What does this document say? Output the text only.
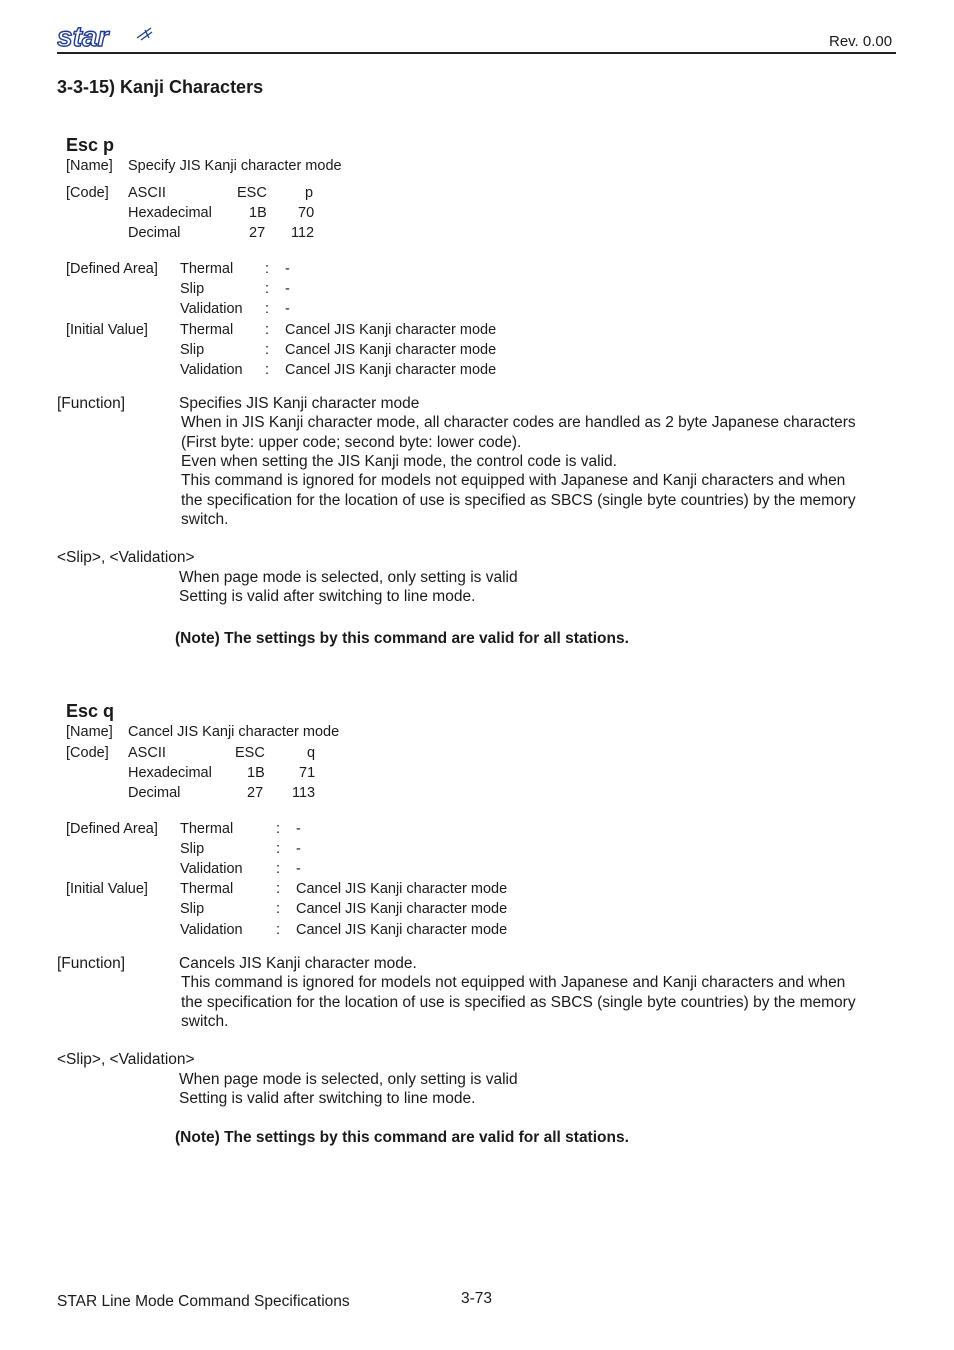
star	Rev. 0.00
3-3-15) Kanji Characters
Esc p
[Name] Specify JIS Kanji character mode
[Code] ASCII	ESC	p
Hexadecimal	1B 70
Decimal	27 112
[Defined Area] Thermal : -
Slip	: -
Validation : -
[Initial Value] Thermal : Cancel JIS Kanji character mode
Slip	: Cancel JIS Kanji character mode
Validation : Cancel JIS Kanji character mode
[Function]	Specifies JIS Kanji character mode
When in JIS Kanji character mode, all character codes are handled as 2 byte Japanese characters
(First byte: upper code; second byte: lower code).
Even when setting the JIS Kanji mode, the control code is valid.
This command is ignored for models not equipped with Japanese and Kanji characters and when
the specification for the location of use is specified as SBCS (single byte countries) by the memory
switch.
<Slip>, <Validation>
When page mode is selected, only setting is valid
Setting is valid after switching to line mode.
(Note) The settings by this command are valid for all stations.
Esc q
[Name] Cancel JIS Kanji character mode
[Code] ASCII	ESC	q
Hexadecimal 1B 71
Decimal	27 113
[Defined Area] Thermal	: -
Slip	: -
Validation : -
[Initial Value] Thermal	: Cancel JIS Kanji character mode
Slip	: Cancel JIS Kanji character mode
Validation : Cancel JIS Kanji character mode
[Function]	Cancels JIS Kanji character mode.
This command is ignored for models not equipped with Japanese and Kanji characters and when
the specification for the location of use is specified as SBCS (single byte countries) by the memory
switch.
<Slip>, <Validation>
When page mode is selected, only setting is valid
Setting is valid after switching to line mode.
(Note) The settings by this command are valid for all stations.
STAR Line Mode Command Specifications	3-73
